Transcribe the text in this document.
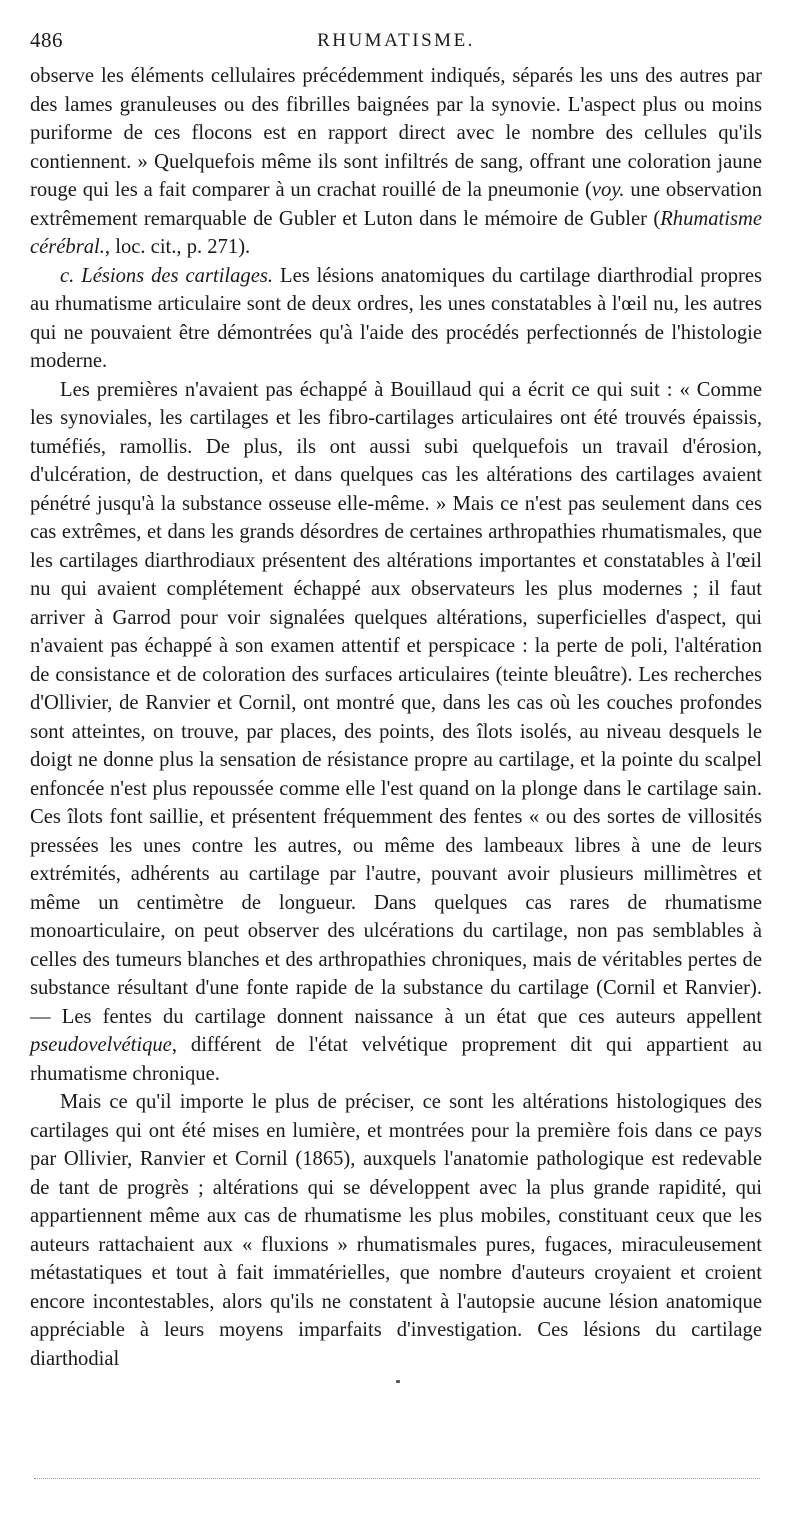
486	RHUMATISME.

observe les éléments cellulaires précédemment indiqués, séparés les uns des autres par des lames granuleuses ou des fibrilles baignées par la synovie. L'aspect plus ou moins puriforme de ces flocons est en rapport direct avec le nombre des cellules qu'ils contiennent. » Quelquefois même ils sont infiltrés de sang, offrant une coloration jaune rouge qui les a fait comparer à un crachat rouillé de la pneumonie (voy. une observation extrêmement remarquable de Gubler et Luton dans le mémoire de Gubler (Rhumatisme cérébral., loc. cit., p. 271).

c. Lésions des cartilages. Les lésions anatomiques du cartilage diarthrodial propres au rhumatisme articulaire sont de deux ordres, les unes constatables à l'œil nu, les autres qui ne pouvaient être démontrées qu'à l'aide des procédés perfectionnés de l'histologie moderne.

Les premières n'avaient pas échappé à Bouillaud qui a écrit ce qui suit : « Comme les synoviales, les cartilages et les fibro-cartilages articulaires ont été trouvés épaissis, tuméfiés, ramollis. De plus, ils ont aussi subi quelquefois un travail d'érosion, d'ulcération, de destruction, et dans quelques cas les altérations des cartilages avaient pénétré jusqu'à la substance osseuse elle-même. » Mais ce n'est pas seulement dans ces cas extrêmes, et dans les grands désordres de certaines arthropathies rhumatismales, que les cartilages diarthrodiaux présentent des altérations importantes et constatables à l'œil nu qui avaient complétement échappé aux observateurs les plus modernes ; il faut arriver à Garrod pour voir signalées quelques altérations, superficielles d'aspect, qui n'avaient pas échappé à son examen attentif et perspicace : la perte de poli, l'altération de consistance et de coloration des surfaces articulaires (teinte bleuâtre). Les recherches d'Ollivier, de Ranvier et Cornil, ont montré que, dans les cas où les couches profondes sont atteintes, on trouve, par places, des points, des îlots isolés, au niveau desquels le doigt ne donne plus la sensation de résistance propre au cartilage, et la pointe du scalpel enfoncée n'est plus repoussée comme elle l'est quand on la plonge dans le cartilage sain. Ces îlots font saillie, et présentent fréquemment des fentes « ou des sortes de villosités pressées les unes contre les autres, ou même des lambeaux libres à une de leurs extrémités, adhérents au cartilage par l'autre, pouvant avoir plusieurs millimètres et même un centimètre de longueur. Dans quelques cas rares de rhumatisme monoarticulaire, on peut observer des ulcérations du cartilage, non pas semblables à celles des tumeurs blanches et des arthropathies chroniques, mais de véritables pertes de substance résultant d'une fonte rapide de la substance du cartilage (Cornil et Ranvier). — Les fentes du cartilage donnent naissance à un état que ces auteurs appellent pseudovelvétique, différent de l'état velvétique proprement dit qui appartient au rhumatisme chronique.

Mais ce qu'il importe le plus de préciser, ce sont les altérations histologiques des cartilages qui ont été mises en lumière, et montrées pour la première fois dans ce pays par Ollivier, Ranvier et Cornil (1865), auxquels l'anatomie pathologique est redevable de tant de progrès ; altérations qui se développent avec la plus grande rapidité, qui appartiennent même aux cas de rhumatisme les plus mobiles, constituant ceux que les auteurs rattachaient aux « fluxions » rhumatismales pures, fugaces, miraculeusement métastatiques et tout à fait immatérielles, que nombre d'auteurs croyaient et croient encore incontestables, alors qu'ils ne constatent à l'autopsie aucune lésion anatomique appréciable à leurs moyens imparfaits d'investigation. Ces lésions du cartilage diarthodial
